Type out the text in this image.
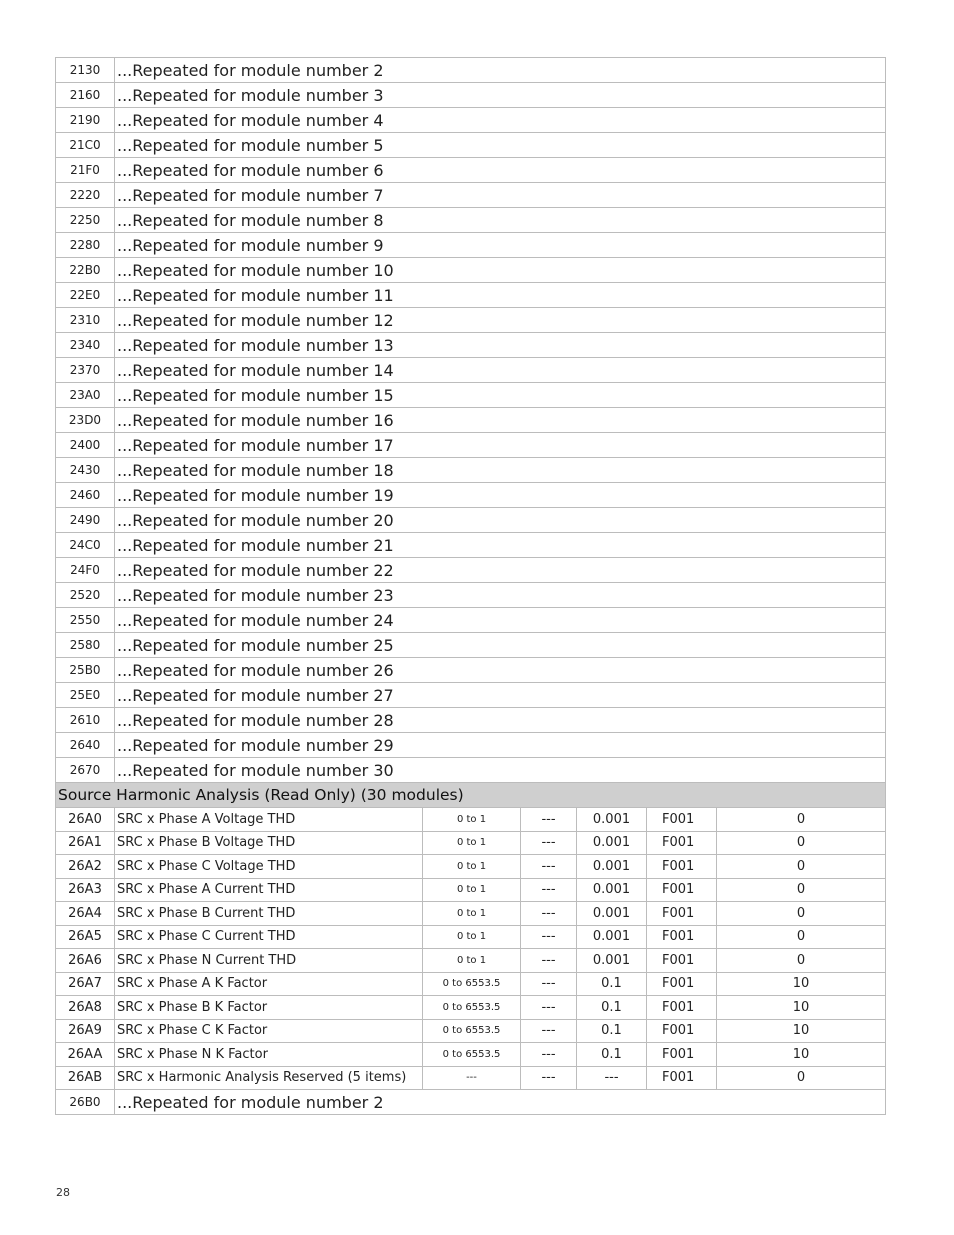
2130	...Repeated for module number 2					
2160	...Repeated for module number 3					
2190	...Repeated for module number 4					
21C0	...Repeated for module number 5					
21F0	...Repeated for module number 6					
2220	...Repeated for module number 7					
2250	...Repeated for module number 8					
2280	...Repeated for module number 9					
22B0	...Repeated for module number 10					
22E0	...Repeated for module number 11					
2310	...Repeated for module number 12					
2340	...Repeated for module number 13					
2370	...Repeated for module number 14					
23A0	...Repeated for module number 15					
23D0	...Repeated for module number 16					
2400	...Repeated for module number 17					
2430	...Repeated for module number 18					
2460	...Repeated for module number 19					
2490	...Repeated for module number 20					
24C0	...Repeated for module number 21					
24F0	...Repeated for module number 22					
2520	...Repeated for module number 23					
2550	...Repeated for module number 24					
2580	...Repeated for module number 25					
25B0	...Repeated for module number 26					
25E0	...Repeated for module number 27					
2610	...Repeated for module number 28					
2640	...Repeated for module number 29					
2670	...Repeated for module number 30					
Source Harmonic Analysis (Read Only) (30 modules)						
26A0	SRC x Phase A Voltage THD	0 to 1	---	0.001	F001	0
26A1	SRC x Phase B Voltage THD	0 to 1	---	0.001	F001	0
26A2	SRC x Phase C Voltage THD	0 to 1	---	0.001	F001	0
26A3	SRC x Phase A Current THD	0 to 1	---	0.001	F001	0
26A4	SRC x Phase B Current THD	0 to 1	---	0.001	F001	0
26A5	SRC x Phase C Current THD	0 to 1	---	0.001	F001	0
26A6	SRC x Phase N Current THD	0 to 1	---	0.001	F001	0
26A7	SRC x Phase A K Factor	0 to 6553.5	---	0.1	F001	10
26A8	SRC x Phase B K Factor	0 to 6553.5	---	0.1	F001	10
26A9	SRC x Phase C K Factor	0 to 6553.5	---	0.1	F001	10
26AA	SRC x Phase N K Factor	0 to 6553.5	---	0.1	F001	10
26AB	SRC x Harmonic Analysis Reserved (5 items)	---	---	---	F001	0
26B0	...Repeated for module number 2					
28
